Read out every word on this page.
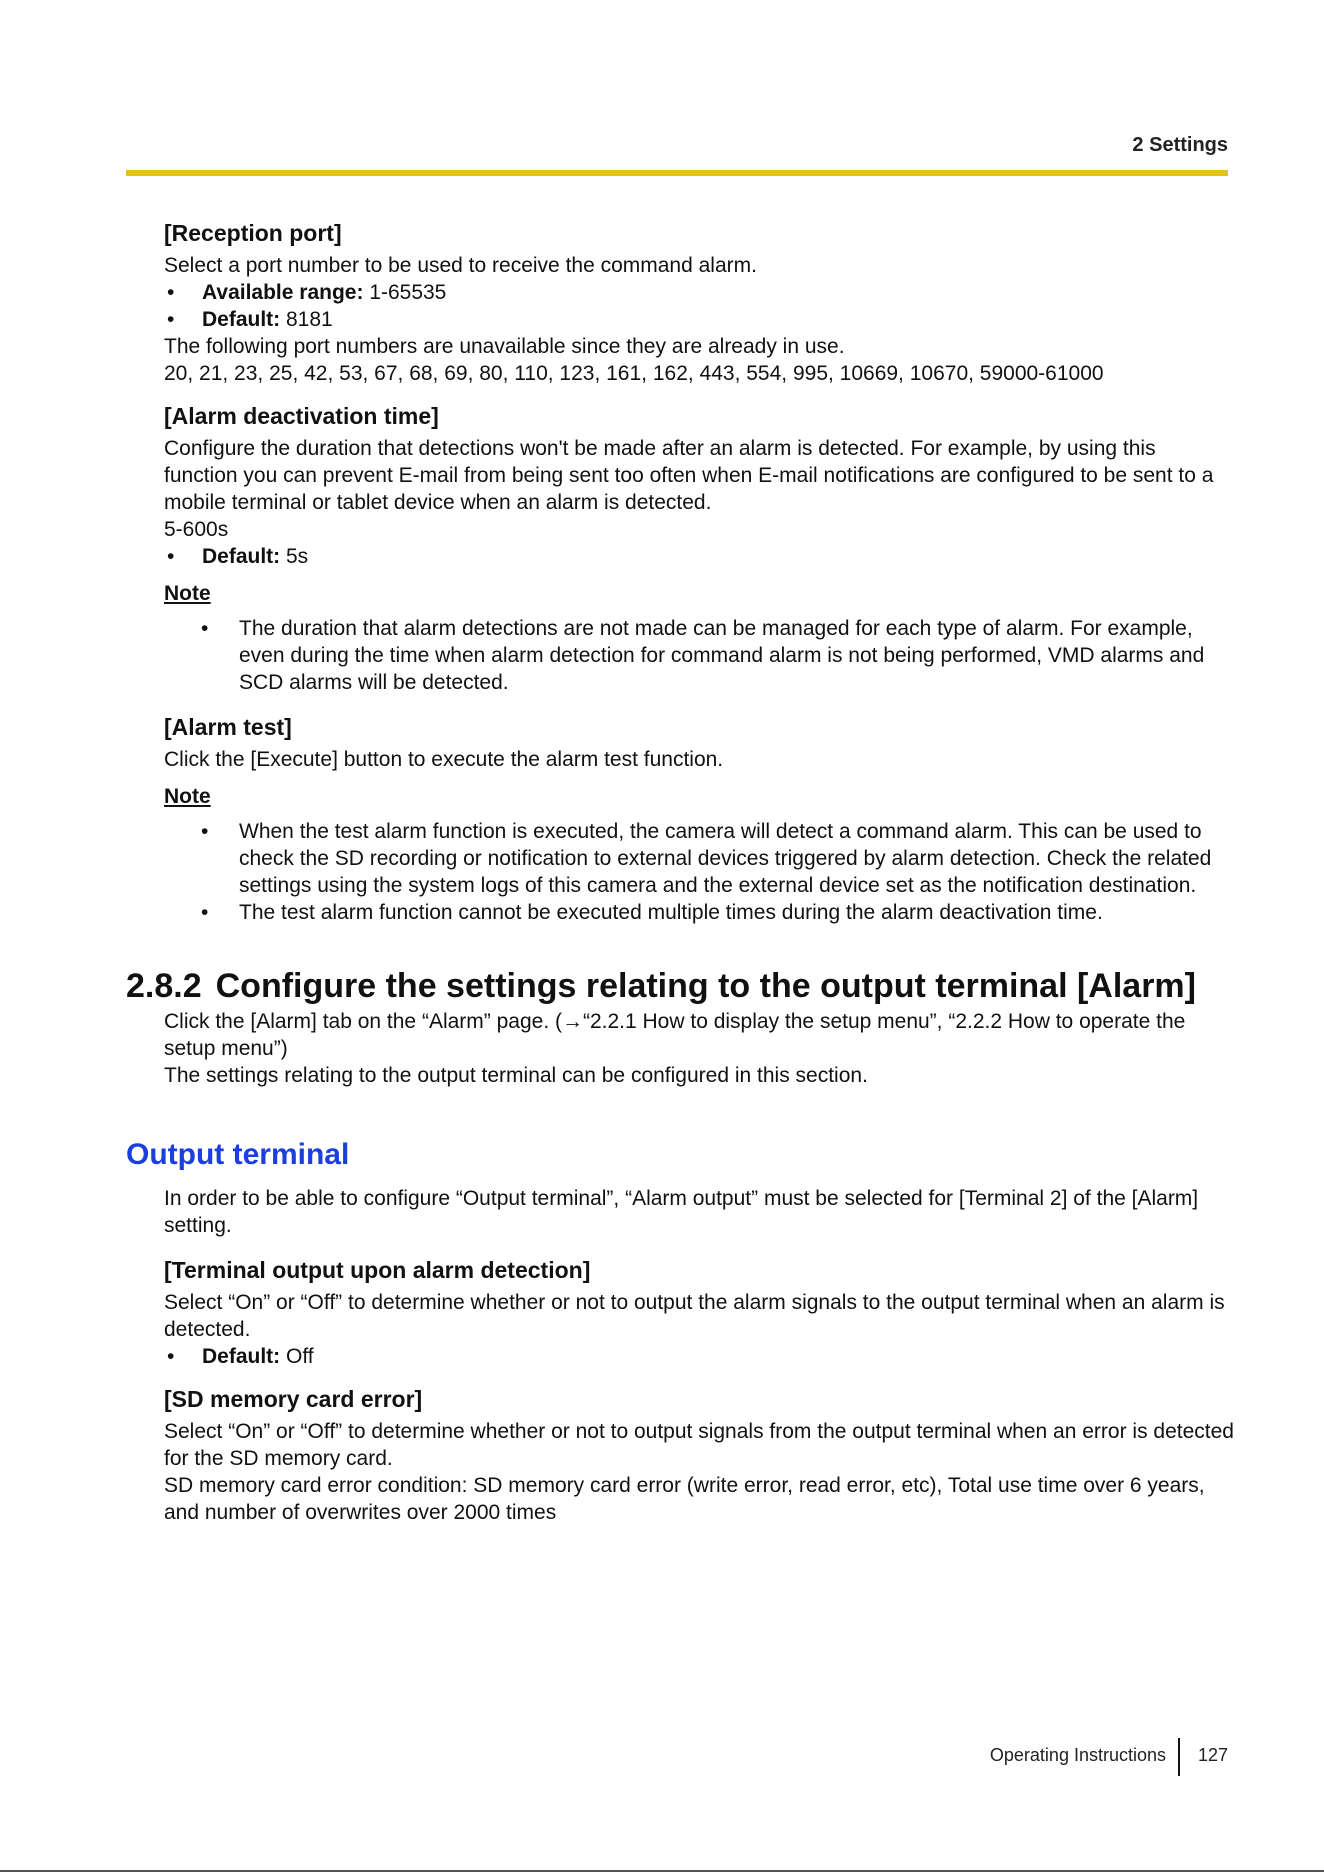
2 Settings
[Reception port]

Select a port number to be used to receive the command alarm.

• Available range: 1-65535
• Default: 8181

The following port numbers are unavailable since they are already in use.

20, 21, 23, 25, 42, 53, 67, 68, 69, 80, 110, 123, 161, 162, 443, 554, 995, 10669, 10670, 59000-61000

[Alarm deactivation time]

Configure the duration that detections won't be made after an alarm is detected. For example, by using this function you can prevent E-mail from being sent too often when E-mail notifications are configured to be sent to a mobile terminal or tablet device when an alarm is detected.

5-600s

• Default: 5s
Note
• The duration that alarm detections are not made can be managed for each type of alarm. For example, even during the time when alarm detection for command alarm is not being performed, VMD alarms and SCD alarms will be detected.
[Alarm test]

Click the [Execute] button to execute the alarm test function.

Note
• When the test alarm function is executed, the camera will detect a command alarm. This can be used to check the SD recording or notification to external devices triggered by alarm detection. Check the related settings using the system logs of this camera and the external device set as the notification destination.
• The test alarm function cannot be executed multiple times during the alarm deactivation time.
2.8.2 Configure the settings relating to the output terminal [Alarm]

Click the [Alarm] tab on the “Alarm” page. (→“2.2.1 How to display the setup menu”, “2.2.2 How to operate the setup menu”)

The settings relating to the output terminal can be configured in this section.

Output terminal

In order to be able to configure “Output terminal”, “Alarm output” must be selected for [Terminal 2] of the [Alarm] setting.

[Terminal output upon alarm detection]

Select “On” or “Off” to determine whether or not to output the alarm signals to the output terminal when an alarm is detected.

• Default: Off
[SD memory card error]

Select “On” or “Off” to determine whether or not to output signals from the output terminal when an error is detected for the SD memory card.

SD memory card error condition: SD memory card error (write error, read error, etc), Total use time over 6 years, and number of overwrites over 2000 times

Operating Instructions 127
